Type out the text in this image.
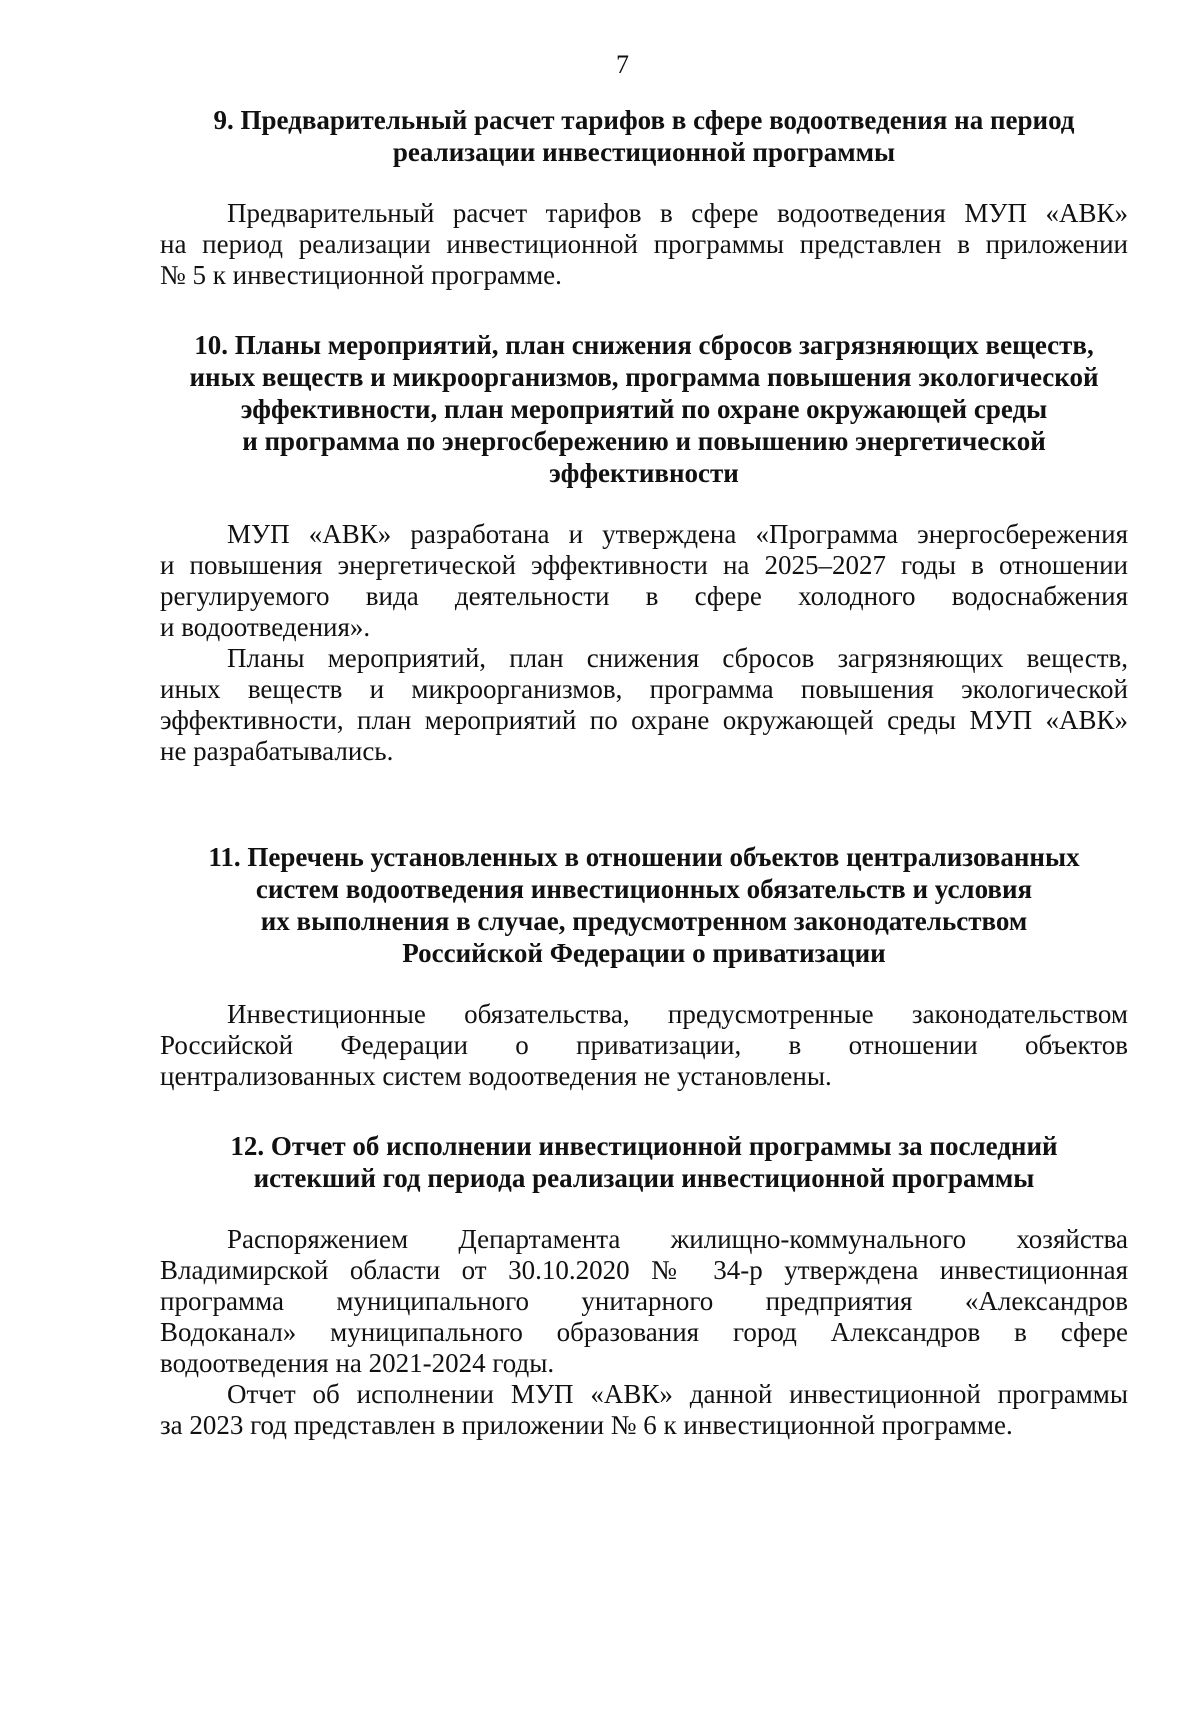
7
9. Предварительный расчет тарифов в сфере водоотведения на период
реализации инвестиционной программы

Предварительный расчет тарифов в сфере водоотведения МУП «АВК»
на период реализации инвестиционной программы представлен в приложении
№ 5 к инвестиционной программе.

10. Планы мероприятий, план снижения сбросов загрязняющих веществ,
иных веществ и микроорганизмов, программа повышения экологической
эффективности, план мероприятий по охране окружающей среды
и программа по энергосбережению и повышению энергетической
эффективности

МУП «АВК» разработана и утверждена «Программа энергосбережения
и повышения энергетической эффективности на 2025–2027 годы в отношении
регулируемого вида деятельности в сфере холодного водоснабжения
и водоотведения».

Планы мероприятий, план снижения сбросов загрязняющих веществ,
иных веществ и микроорганизмов, программа повышения экологической
эффективности, план мероприятий по охране окружающей среды МУП «АВК»
не разрабатывались.

11. Перечень установленных в отношении объектов централизованных
систем водоотведения инвестиционных обязательств и условия
их выполнения в случае, предусмотренном законодательством
Российской Федерации о приватизации

Инвестиционные обязательства, предусмотренные законодательством
Российской Федерации о приватизации, в отношении объектов
централизованных систем водоотведения не установлены.

12. Отчет об исполнении инвестиционной программы за последний
истекший год периода реализации инвестиционной программы

Распоряжением Департамента жилищно-коммунального хозяйства
Владимирской области от 30.10.2020 № 34-р утверждена инвестиционная
программа муниципального унитарного предприятия «Александров
Водоканал» муниципального образования город Александров в сфере
водоотведения на 2021-2024 годы.

Отчет об исполнении МУП «АВК» данной инвестиционной программы
за 2023 год представлен в приложении № 6 к инвестиционной программе.
